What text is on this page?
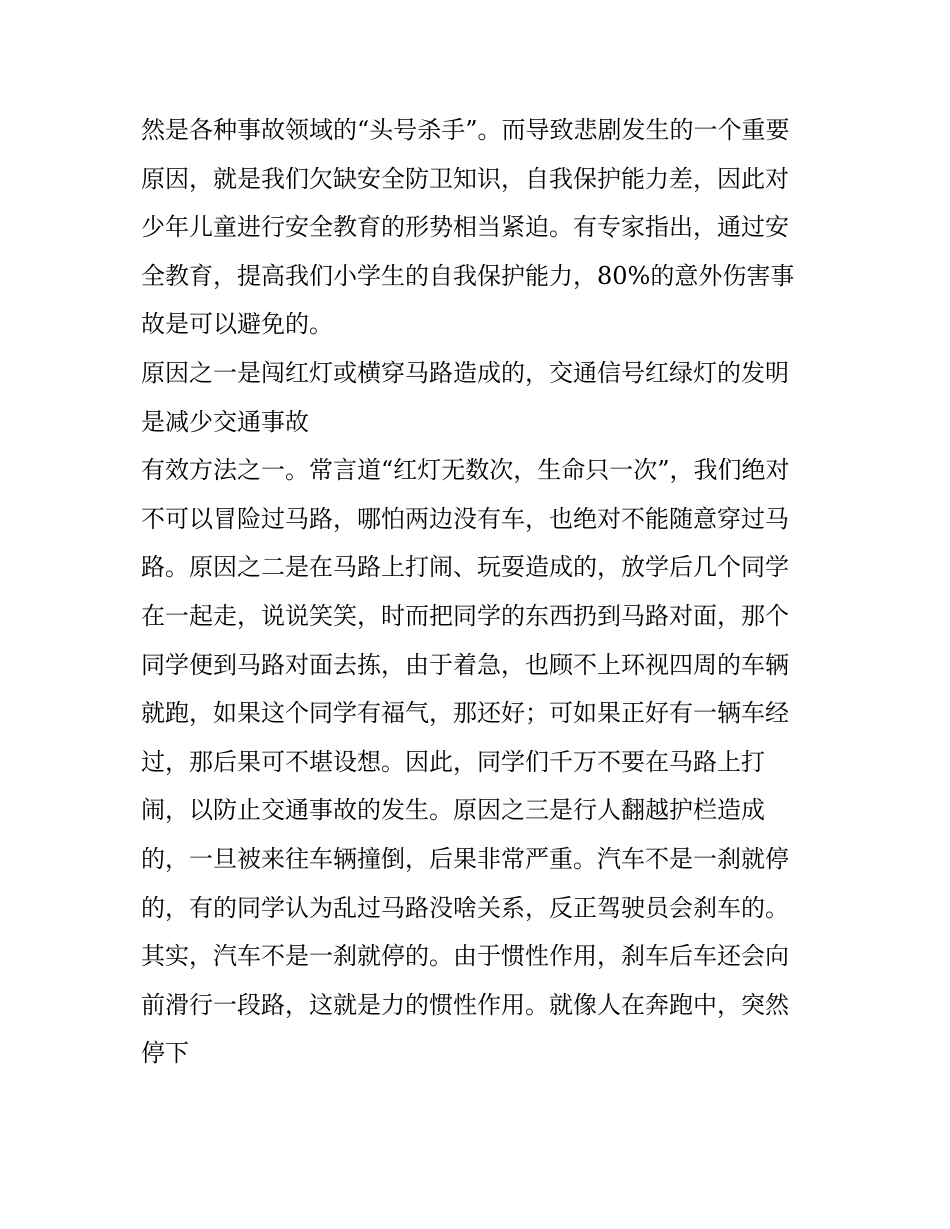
然是各种事故领域的“头号杀手”。而导致悲剧发生的一个重要
原因，就是我们欠缺安全防卫知识，自我保护能力差，因此对
少年儿童进行安全教育的形势相当紧迫。有专家指出，通过安
全教育，提高我们小学生的自我保护能力，80%的意外伤害事
故是可以避免的。
原因之一是闯红灯或横穿马路造成的，交通信号红绿灯的发明
是减少交通事故
有效方法之一。常言道“红灯无数次，生命只一次”，我们绝对
不可以冒险过马路，哪怕两边没有车，也绝对不能随意穿过马
路。原因之二是在马路上打闹、玩耍造成的，放学后几个同学
在一起走，说说笑笑，时而把同学的东西扔到马路对面，那个
同学便到马路对面去拣，由于着急，也顾不上环视四周的车辆
就跑，如果这个同学有福气，那还好；可如果正好有一辆车经
过，那后果可不堪设想。因此，同学们千万不要在马路上打
闹，以防止交通事故的发生。原因之三是行人翻越护栏造成
的，一旦被来往车辆撞倒，后果非常严重。汽车不是一刹就停
的，有的同学认为乱过马路没啥关系，反正驾驶员会刹车的。
其实，汽车不是一刹就停的。由于惯性作用，刹车后车还会向
前滑行一段路，这就是力的惯性作用。就像人在奔跑中，突然
停下
